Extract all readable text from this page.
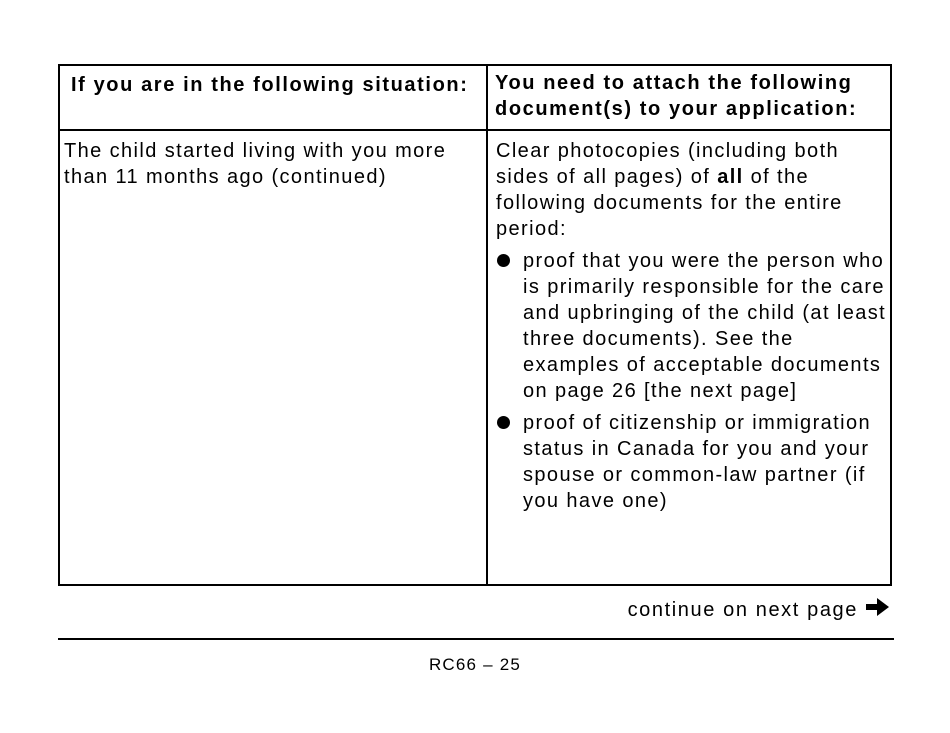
If you are in the following situation: You need to attach the following document(s) to your application:
The child started living with you more than 11 months ago (continued)

Clear photocopies (including both sides of all pages) of all of the following documents for the entire period:

proof that you were the person who is primarily responsible for the care and upbringing of the child (at least three documents). See the examples of acceptable documents on page 26 [the next page]
proof of citizenship or immigration status in Canada for you and your spouse or common-law partner (if you have one)
continue on next page
RC66 – 25
